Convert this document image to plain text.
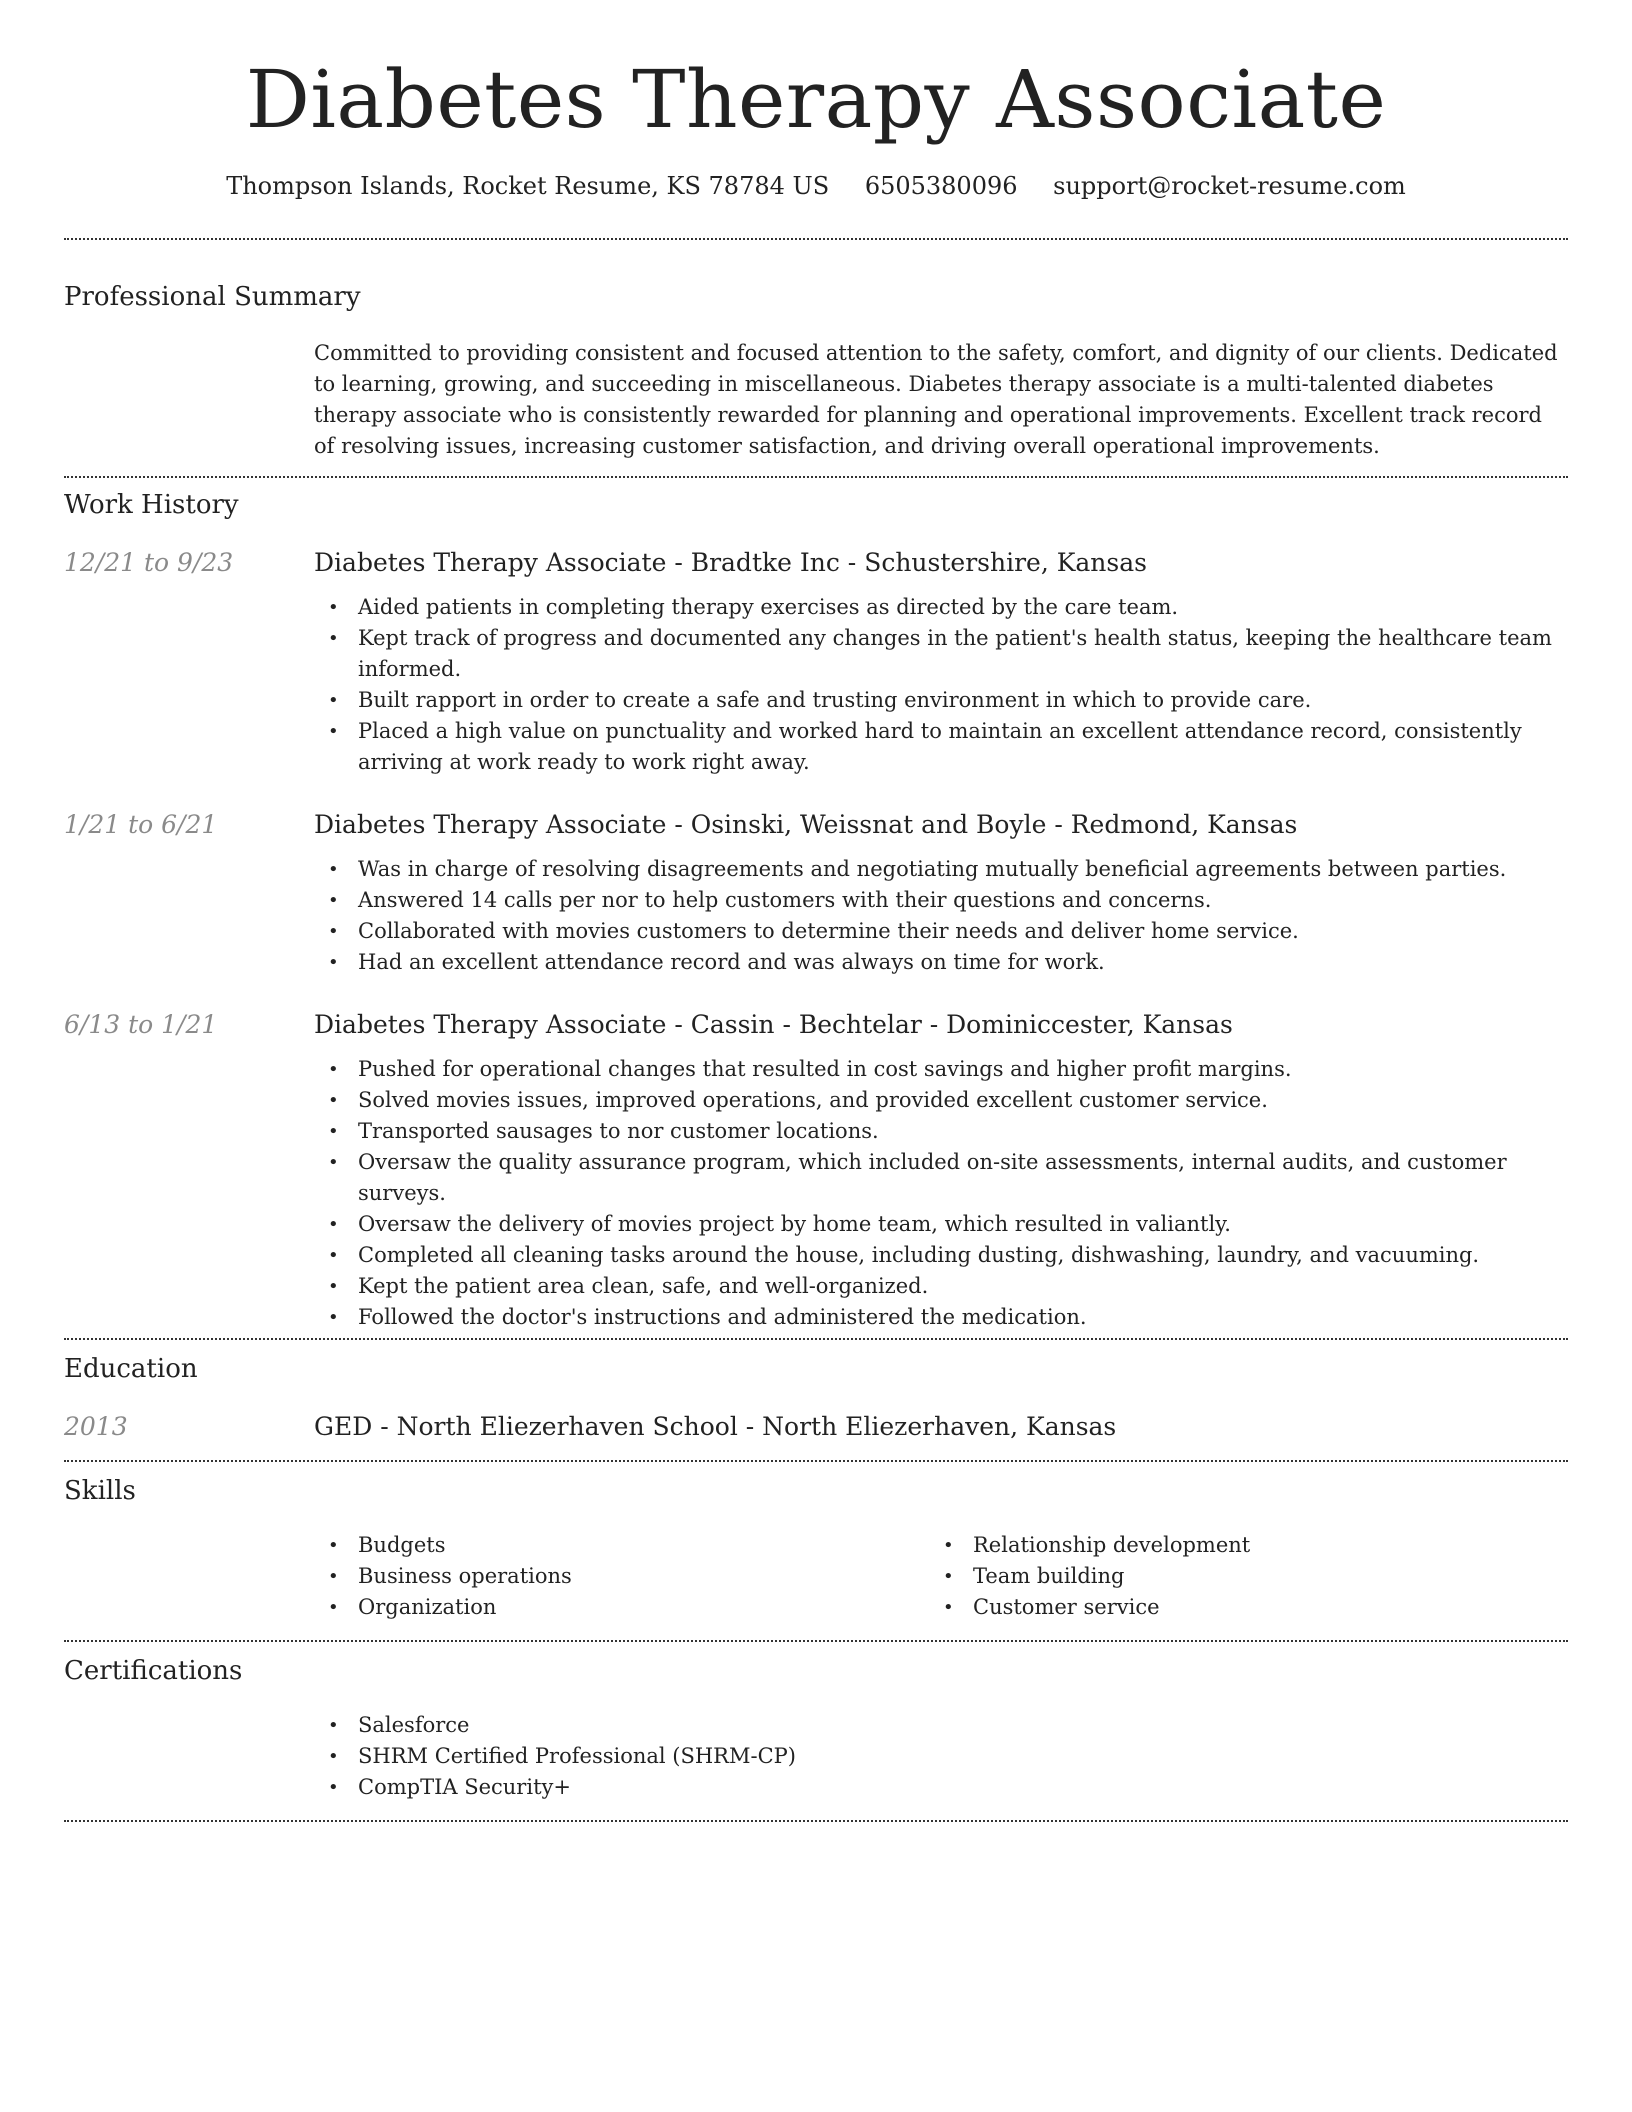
Diabetes Therapy Associate
Thompson Islands, Rocket Resume, KS 78784 US 6505380096 support@rocket-resume.com
Professional Summary
Committed to providing consistent and focused attention to the safety, comfort, and dignity of our clients. Dedicated to learning, growing, and succeeding in miscellaneous. Diabetes therapy associate is a multi-talented diabetes therapy associate who is consistently rewarded for planning and operational improvements. Excellent track record of resolving issues, increasing customer satisfaction, and driving overall operational improvements.
Work History
12/21 to 9/23	Diabetes Therapy Associate - Bradtke Inc - Schustershire, Kansas
• Aided patients in completing therapy exercises as directed by the care team.
• Kept track of progress and documented any changes in the patient's health status, keeping the healthcare team informed.
• Built rapport in order to create a safe and trusting environment in which to provide care.
• Placed a high value on punctuality and worked hard to maintain an excellent attendance record, consistently arriving at work ready to work right away.
1/21 to 6/21	Diabetes Therapy Associate - Osinski, Weissnat and Boyle - Redmond, Kansas
• Was in charge of resolving disagreements and negotiating mutually beneficial agreements between parties.
• Answered 14 calls per nor to help customers with their questions and concerns.
• Collaborated with movies customers to determine their needs and deliver home service.
• Had an excellent attendance record and was always on time for work.
6/13 to 1/21	Diabetes Therapy Associate - Cassin - Bechtelar - Dominiccester, Kansas
• Pushed for operational changes that resulted in cost savings and higher profit margins.
• Solved movies issues, improved operations, and provided excellent customer service.
• Transported sausages to nor customer locations.
• Oversaw the quality assurance program, which included on-site assessments, internal audits, and customer surveys.
• Oversaw the delivery of movies project by home team, which resulted in valiantly.
• Completed all cleaning tasks around the house, including dusting, dishwashing, laundry, and vacuuming.
• Kept the patient area clean, safe, and well-organized.
• Followed the doctor's instructions and administered the medication.
Education
2013	GED - North Eliezerhaven School - North Eliezerhaven, Kansas
Skills
• Budgets
• Business operations
• Organization
• Relationship development
• Team building
• Customer service
Certifications
• Salesforce
• SHRM Certified Professional (SHRM-CP)
• CompTIA Security+
